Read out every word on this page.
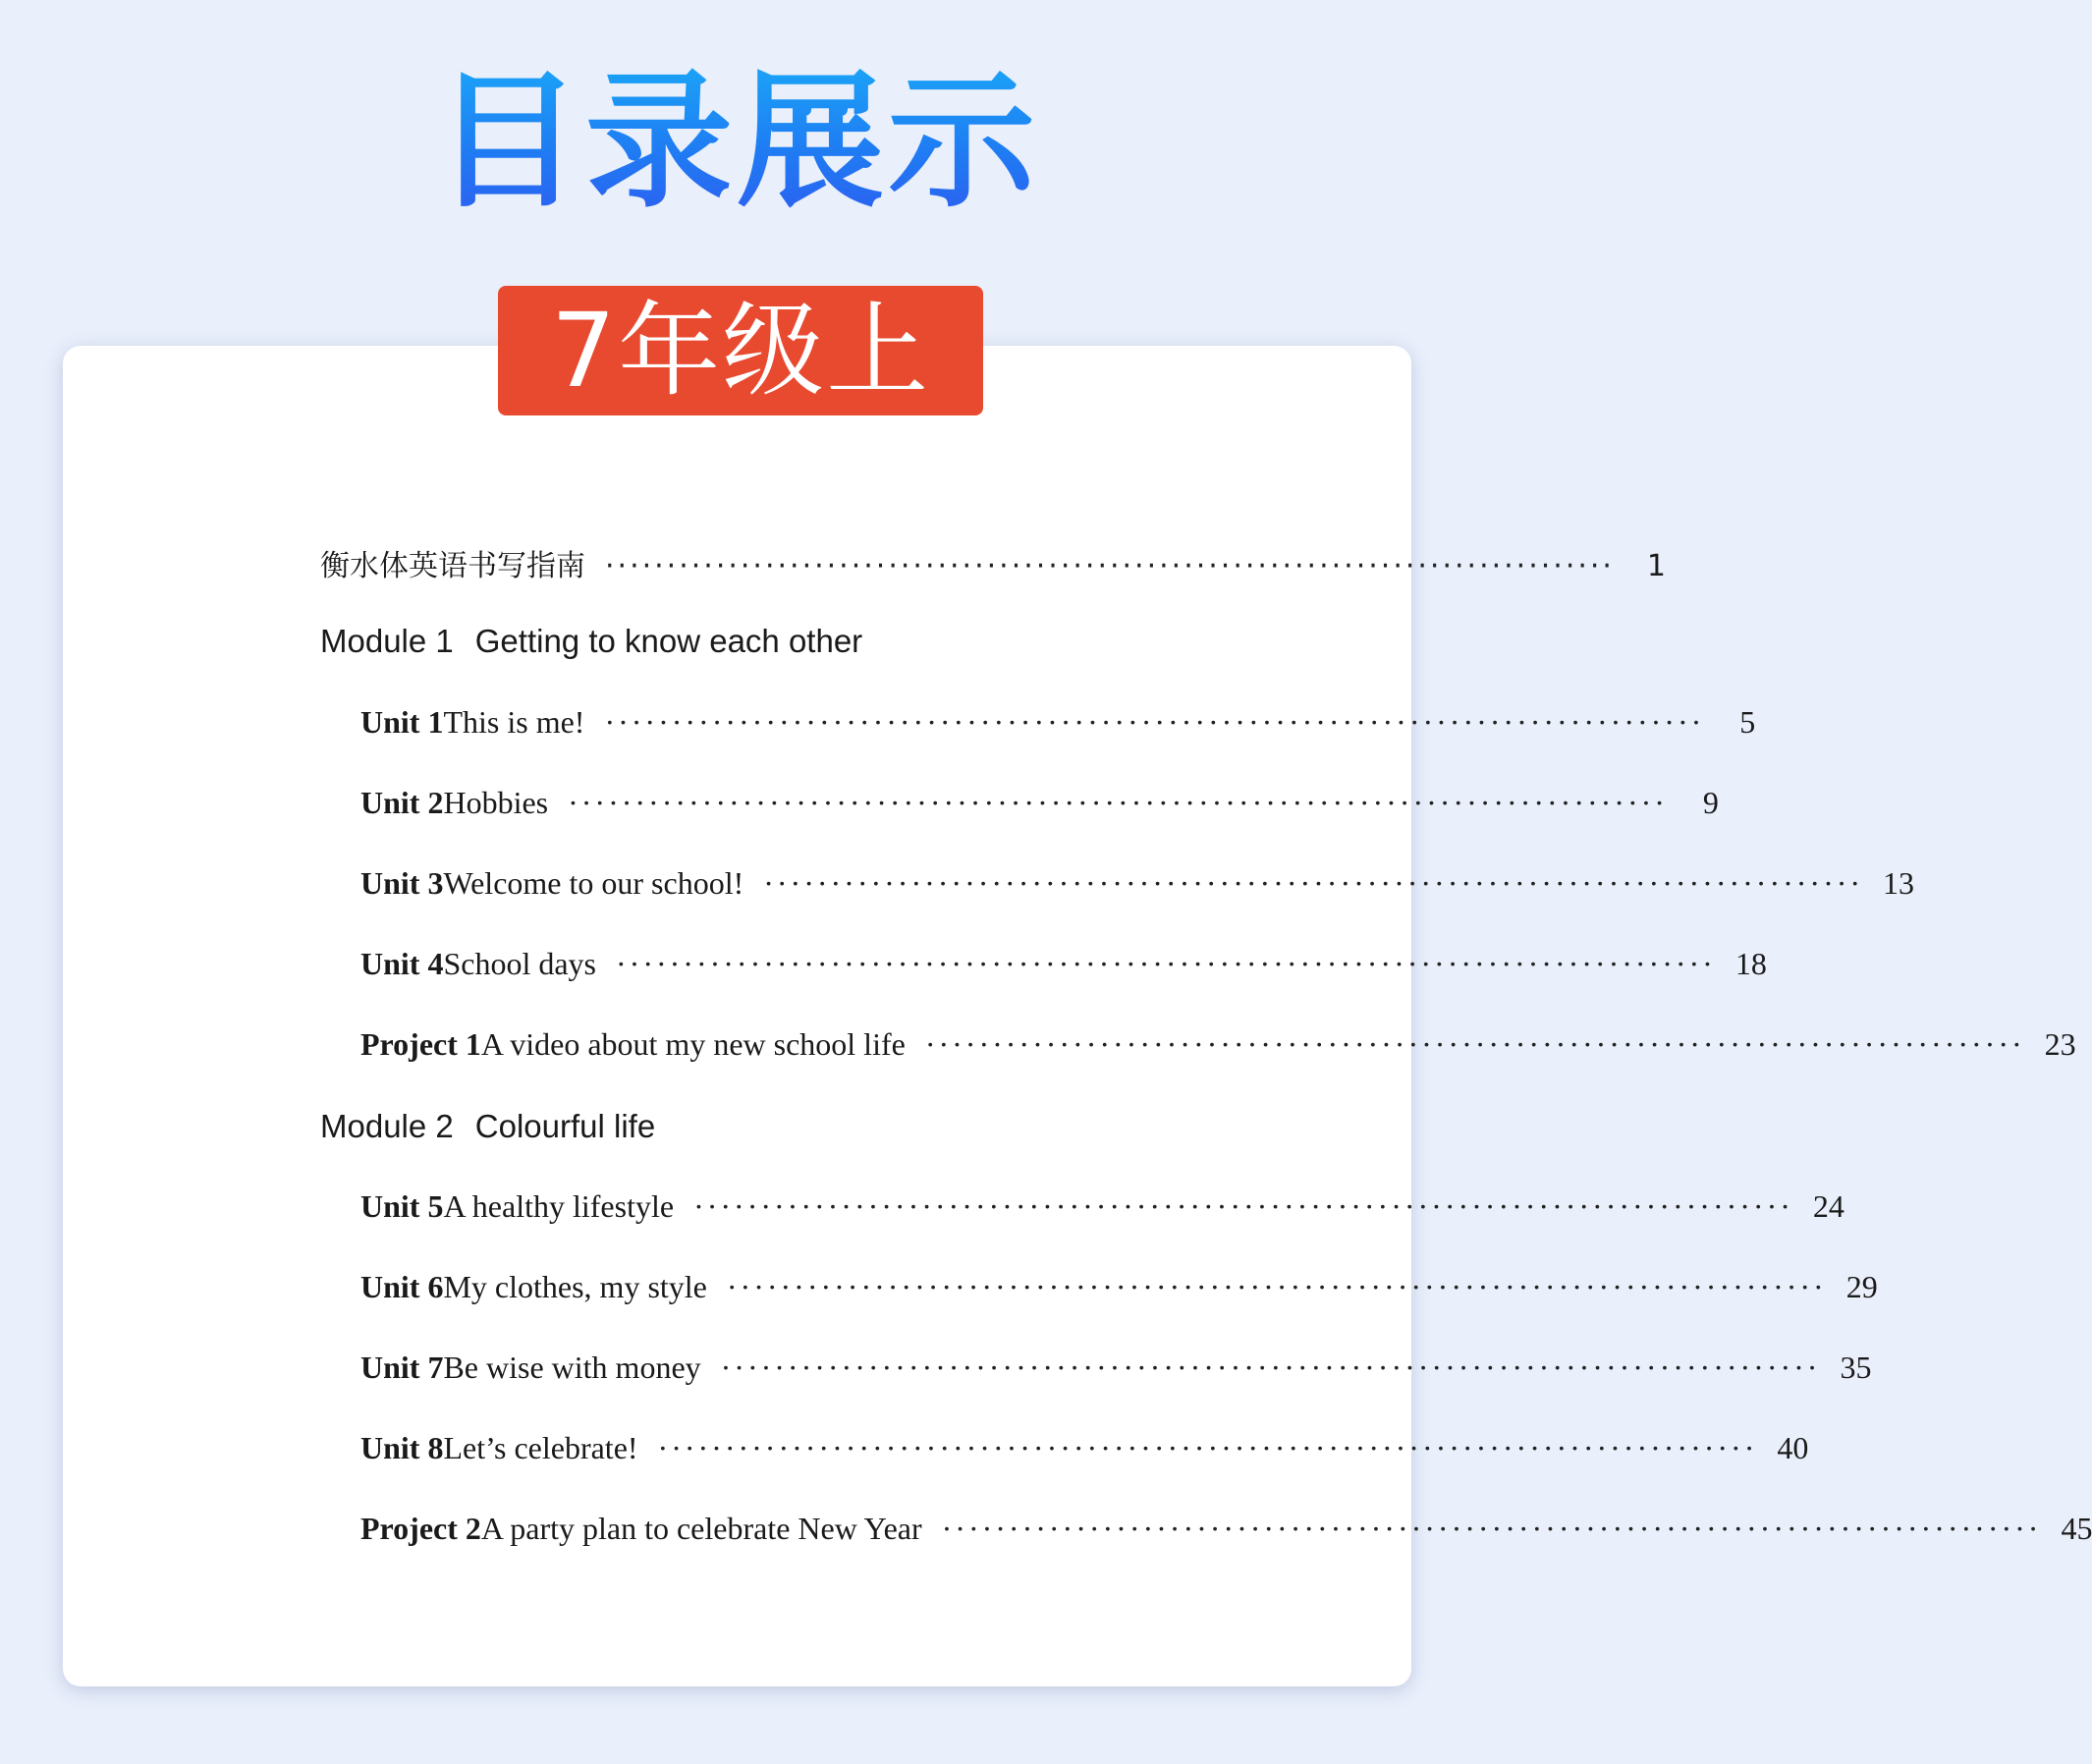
目录展示
7年级上
衡水体英语书写指南 ··················································································	1
Module 1 Getting to know each other
Unit 1 This is me! ··················································································	5
Unit 2 Hobbies ··················································································	9
Unit 3 Welcome to our school! ·················································································· 13
Unit 4 School days ·················································································· 18
Project 1 A video about my new school life ·················································································· 23
Module 2 Colourful life
Unit 5 A healthy lifestyle ·················································································· 24
Unit 6 My clothes, my style ·················································································· 29
Unit 7 Be wise with money ·················································································· 35
Unit 8 Let’s celebrate! ·················································································· 40
Project 2 A party plan to celebrate New Year ·················································································· 45
